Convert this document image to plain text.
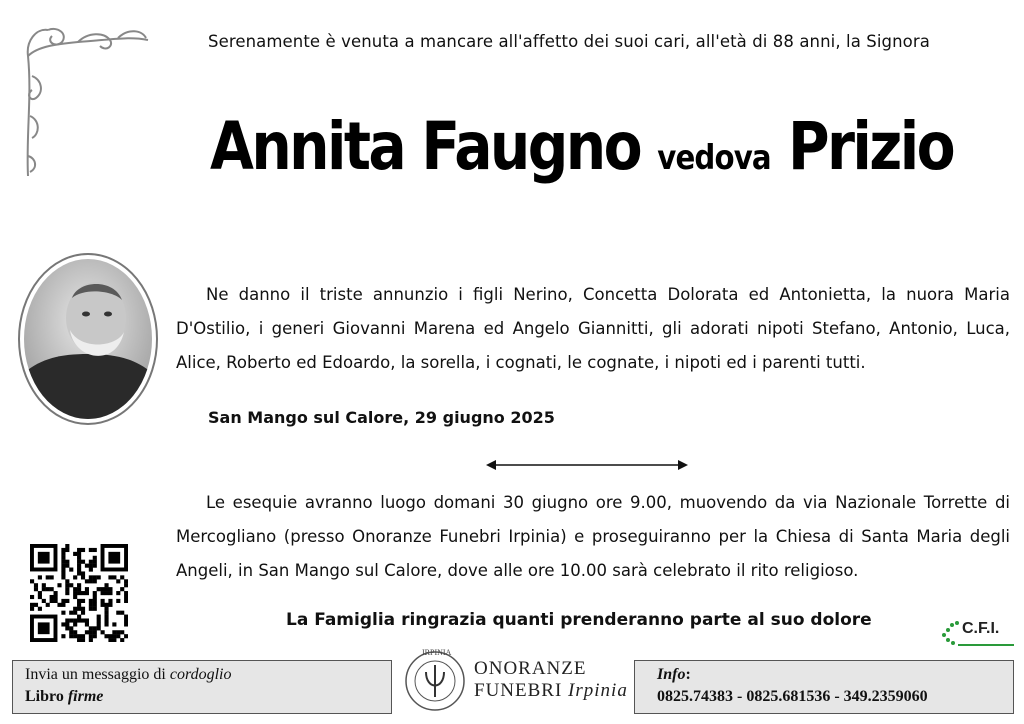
Serenamente è venuta a mancare all'affetto dei suoi cari, all'età di 88 anni, la Signora
Annita Faugno vedova Prizio
Ne danno il triste annunzio i figli Nerino, Concetta Dolorata ed Antonietta, la nuora Maria D'Ostilio, i generi Giovanni Marena ed Angelo Giannitti, gli adorati nipoti Stefano, Antonio, Luca, Alice, Roberto ed Edoardo, la sorella, i cognati, le cognate, i nipoti ed i parenti tutti.
San Mango sul Calore, 29 giugno 2025
Le esequie avranno luogo domani 30 giugno ore 9.00, muovendo da via Nazionale Torrette di Mercogliano (presso Onoranze Funebri Irpinia) e proseguiranno per la Chiesa di Santa Maria degli Angeli, in San Mango sul Calore, dove alle ore 10.00 sarà celebrato il rito religioso.
La Famiglia ringrazia quanti prenderanno parte al suo dolore	C.F.I.
Invia un messaggio di cordoglio
Libro firme
IRPINIA
ONORANZE
FUNEBRI Irpinia
Info:
0825.74383 - 0825.681536 - 349.2359060
